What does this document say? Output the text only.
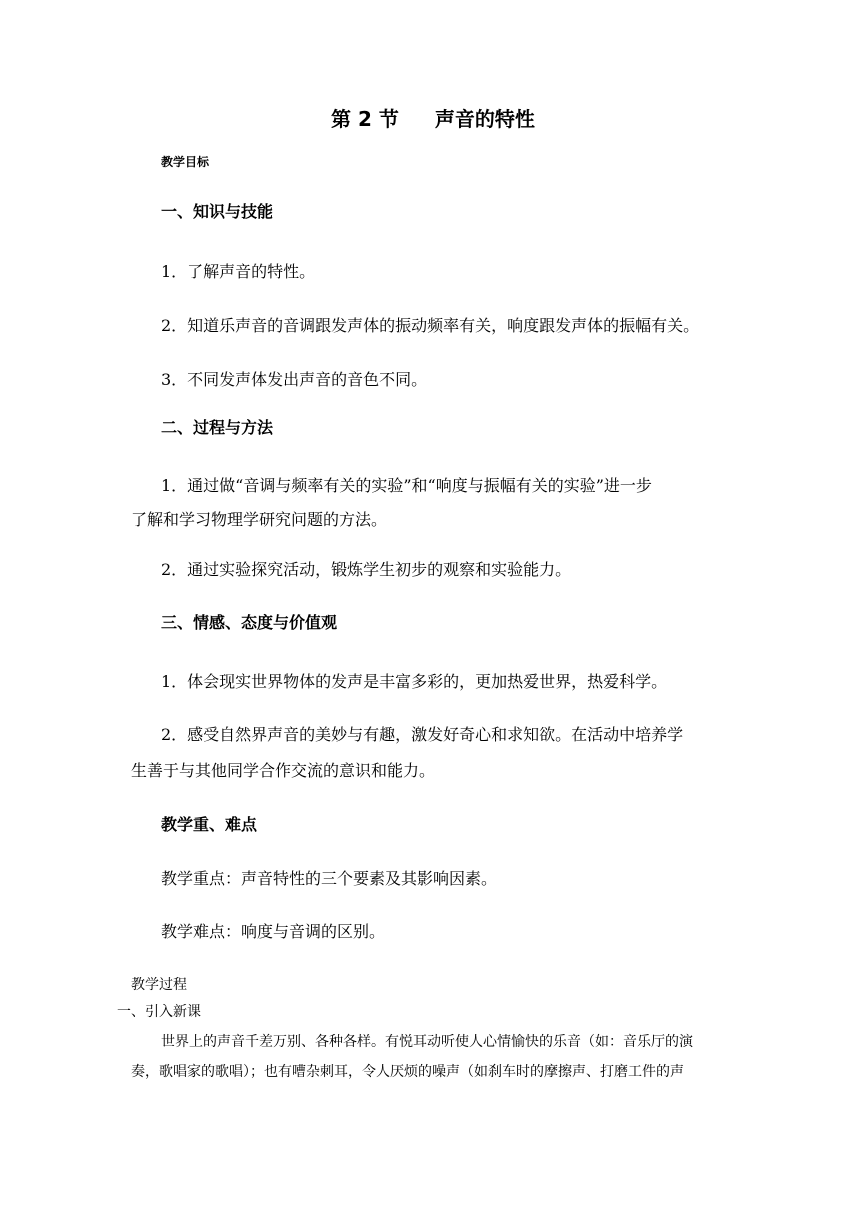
第 2 节 声音的特性

教学目标

一、知识与技能

1．了解声音的特性。

2．知道乐声音的音调跟发声体的振动频率有关，响度跟发声体的振幅有关。

3．不同发声体发出声音的音色不同。

二、过程与方法

1．通过做“音调与频率有关的实验”和“响度与振幅有关的实验”进一步

了解和学习物理学研究问题的方法。

2．通过实验探究活动，锻炼学生初步的观察和实验能力。

三、情感、态度与价值观

1．体会现实世界物体的发声是丰富多彩的，更加热爱世界，热爱科学。

2．感受自然界声音的美妙与有趣，激发好奇心和求知欲。在活动中培养学

生善于与其他同学合作交流的意识和能力。

教学重、难点

教学重点：声音特性的三个要素及其影响因素。

教学难点：响度与音调的区别。

教学过程

一、引入新课

世界上的声音千差万别、各种各样。有悦耳动听使人心情愉快的乐音（如：音乐厅的演

奏，歌唱家的歌唱）；也有嘈杂刺耳，令人厌烦的噪声（如刹车时的摩擦声、打磨工件的声
